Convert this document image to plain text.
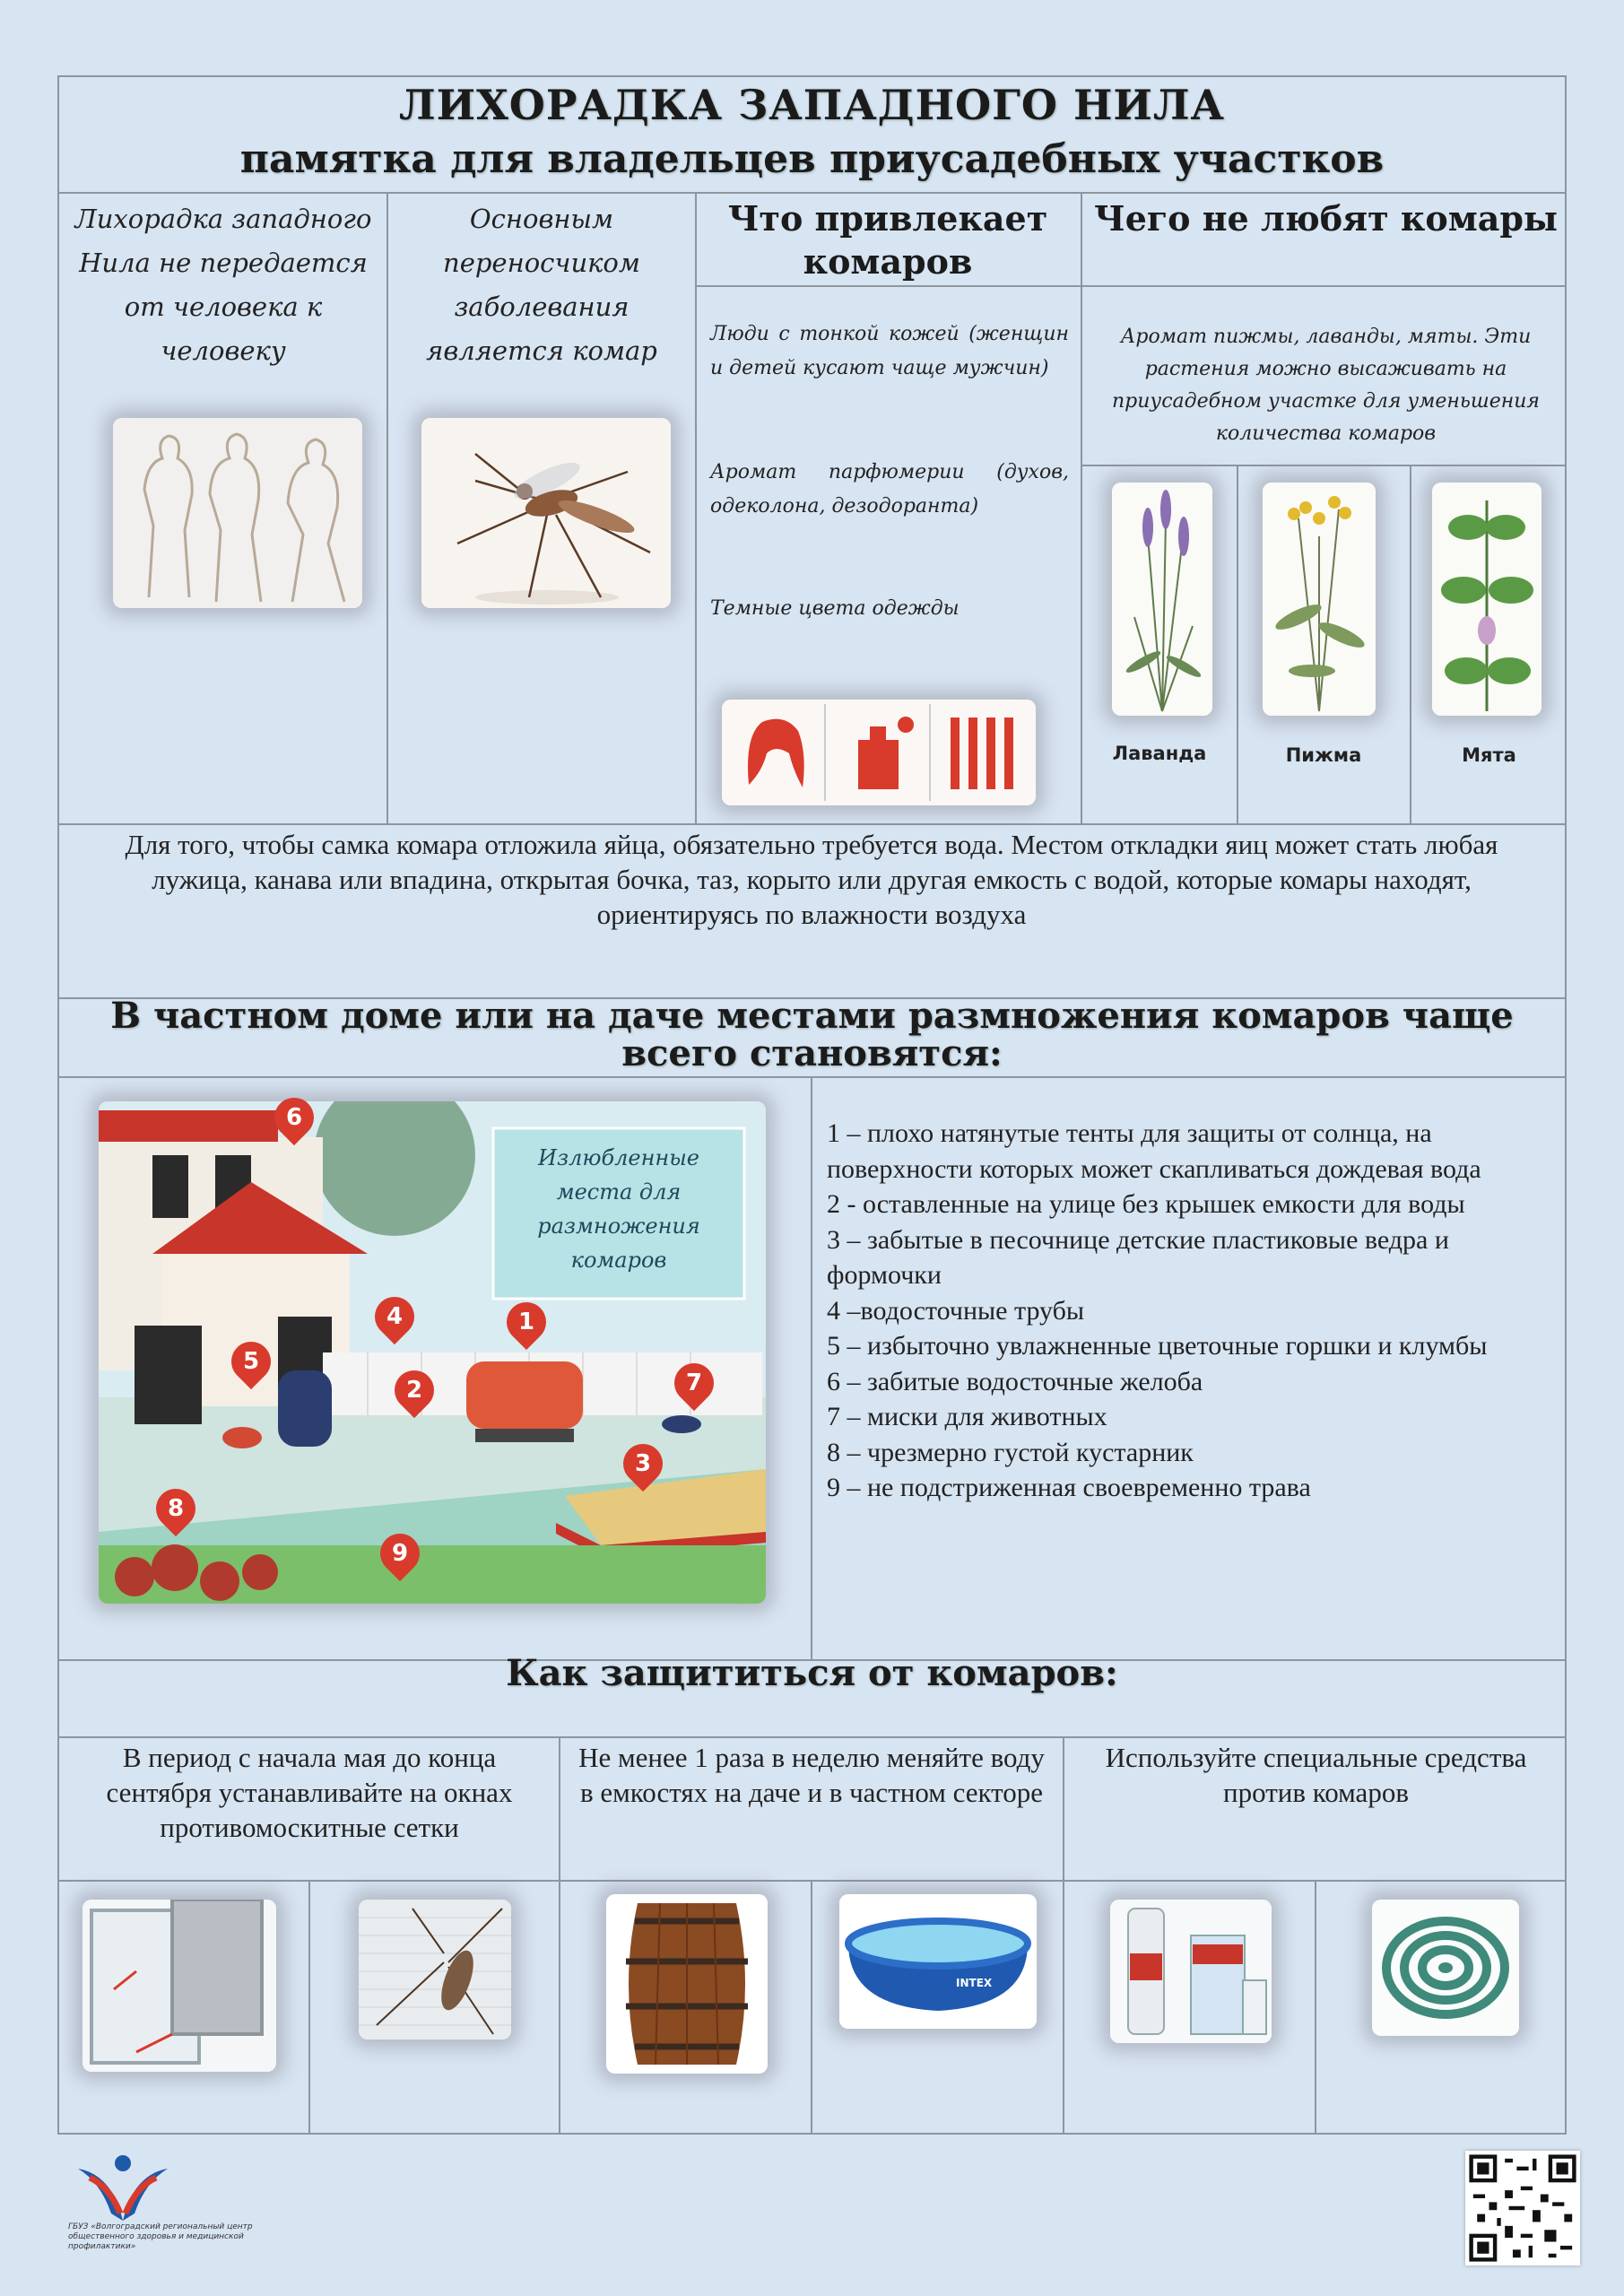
ЛИХОРАДКА ЗАПАДНОГО НИЛА
памятка для владельцев приусадебных участков
Лихорадка западного Нила не передается от человека к человеку
Основным переносчиком заболевания является комар
Что привлекает комаров
Люди с тонкой кожей (женщин и детей кусают чаще мужчин)
Аромат парфюмерии (духов, одеколона, дезодоранта)
Темные цвета одежды
Чего не любят комары
Аромат пижмы, лаванды, мяты. Эти растения можно высаживать на приусадебном участке для уменьшения количества комаров
Лаванда	Пижма	Мята
Для того, чтобы самка комара отложила яйца, обязательно требуется вода. Местом откладки яиц может стать любая лужица, канава или впадина, открытая бочка, таз, корыто или другая емкость с водой, которые комары находят, ориентируясь по влажности воздуха
В частном доме или на даче местами размножения комаров чаще всего становятся:
Излюбленные места для размножения комаров
1
2
3
4
5
6
7
8
9
1 – плохо натянутые тенты для защиты от солнца, на поверхности которых может скапливаться дождевая вода
2 - оставленные на улице без крышек емкости для воды
3 – забытые в песочнице детские пластиковые ведра и формочки
4 –водосточные трубы
5 – избыточно увлажненные цветочные горшки и клумбы
6 – забитые водосточные желоба
7 – миски для животных
8 – чрезмерно густой кустарник
9 – не подстриженная своевременно трава
Как защититься от комаров:
В период с начала мая до конца сентября устанавливайте на окнах противомоскитные сетки
Не менее 1 раза в неделю меняйте воду в емкостях на даче и в частном секторе
Используйте специальные средства против комаров
INTEX
ГБУЗ «Волгоградский региональный центр общественного здоровья и медицинской профилактики»
